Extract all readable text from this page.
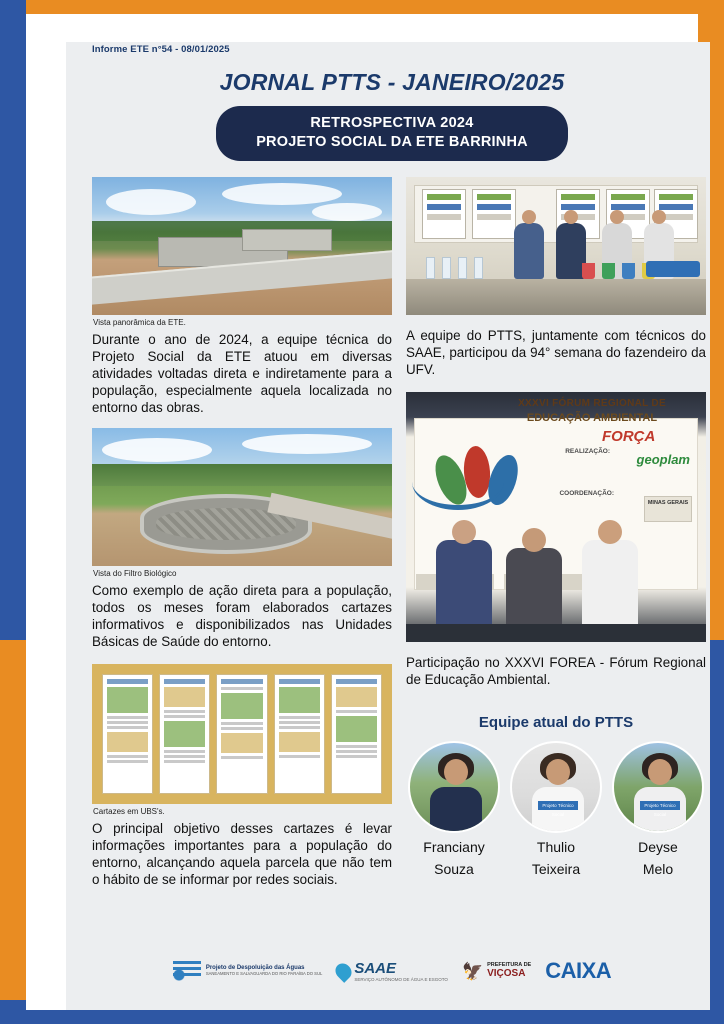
Informe ETE n°54 - 08/01/2025
JORNAL PTTS - JANEIRO/2025
RETROSPECTIVA 2024
PROJETO SOCIAL DA ETE BARRINHA
Vista panorâmica da ETE.

Durante o ano de 2024, a equipe técnica do Projeto Social da ETE atuou em diversas atividades voltadas direta e indiretamente para a população, especialmente aquela localizada no entorno das obras.

Vista do Filtro Biológico

Como exemplo de ação direta para a população, todos os meses foram elaborados cartazes informativos e disponibilizados nas Unidades Básicas de Saúde do entorno.

Cartazes em UBS's.

O principal objetivo desses cartazes é levar informações importantes para a população do entorno, alcançando aquela parcela que não tem o hábito de se informar por redes sociais.

A equipe do PTTS, juntamente com técnicos do SAAE, participou da 94° semana do fazendeiro da UFV.

XXXVI FÓRUM REGIONAL DE
EDUCAÇÃO AMBIENTAL
FORÇA
REALIZAÇÃO:
geoplam
COORDENAÇÃO:
MINAS GERAIS

Participação no XXXVI FOREA - Fórum Regional de Educação Ambiental.

Equipe atual do PTTS
Franciany
Souza
Projeto Técnico Social
Thulio
Teixeira
Projeto Técnico Social
Deyse
Melo
Projeto de Despoluição das Águas
SANEAMENTO E SALVAGUARDA DO RIO PARAÍBA DO SUL SAAE
SERVIÇO AUTÔNOMO DE ÁGUA E ESGOTO 🦅 PREFEITURA DE
VIÇOSA CAIXA
